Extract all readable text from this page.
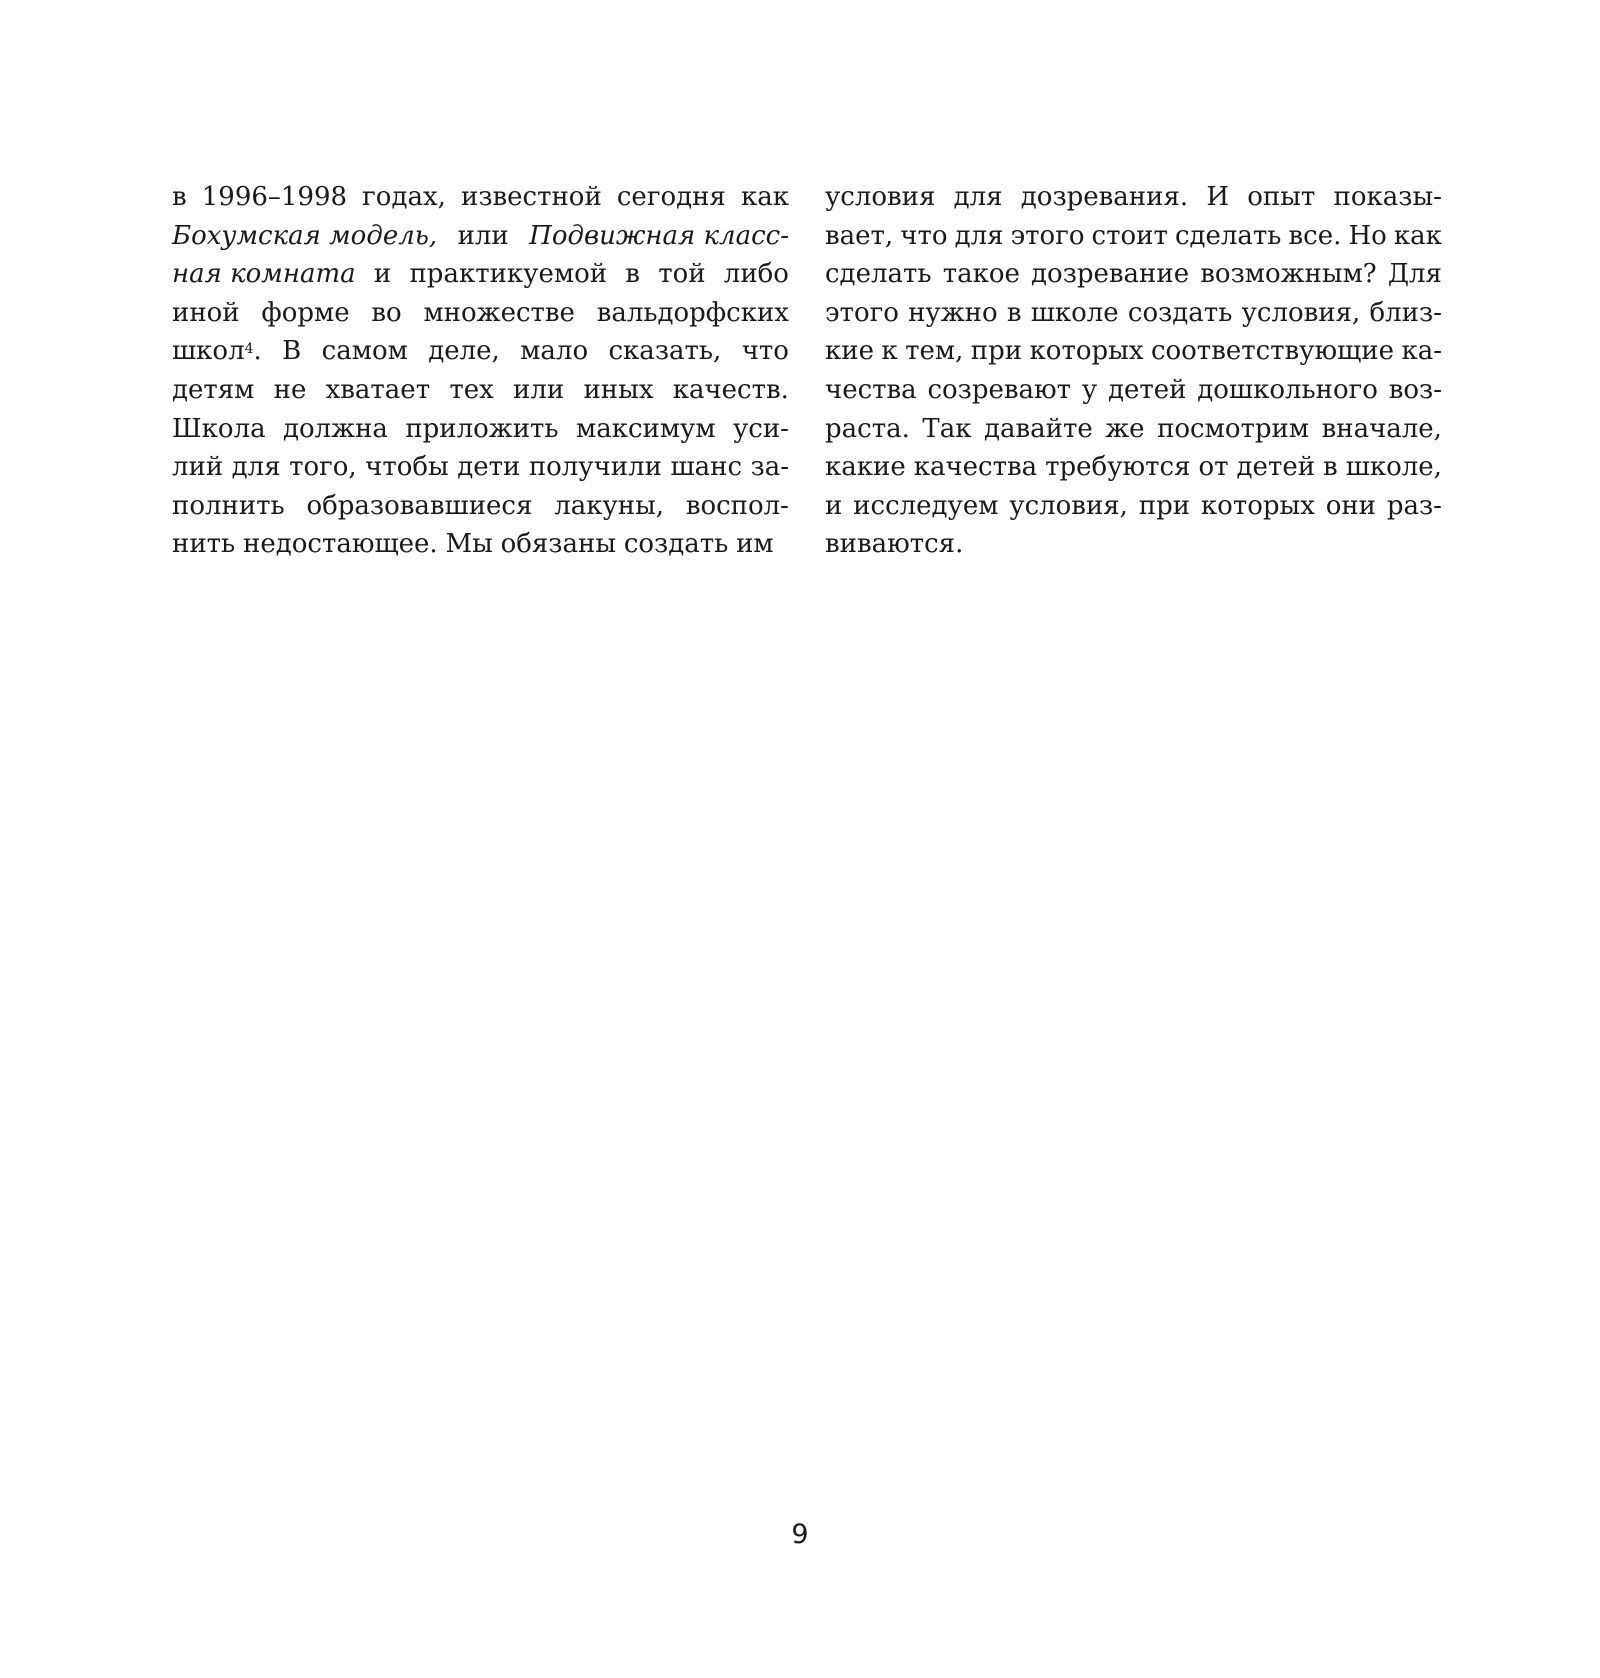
в 1996–1998 годах, известной сегодня как
Бохумская модель, или Подвижная класс-
ная комната и практикуемой в той либо
иной форме во множестве вальдорфских
школ$^4$. В самом деле, мало сказать, что
детям не хватает тех или иных качеств.
Школа должна приложить максимум уси-
лий для того, чтобы дети получили шанс за-
полнить образовавшиеся лакуны, воспол-
нить недостающее. Мы обязаны создать им
условия для дозревания. И опыт показы-
вает, что для этого стоит сделать все. Но как
сделать такое дозревание возможным? Для
этого нужно в школе создать условия, близ-
кие к тем, при которых соответствующие ка-
чества созревают у детей дошкольного воз-
раста. Так давайте же посмотрим вначале,
какие качества требуются от детей в школе,
и исследуем условия, при которых они раз-
виваются.
9
